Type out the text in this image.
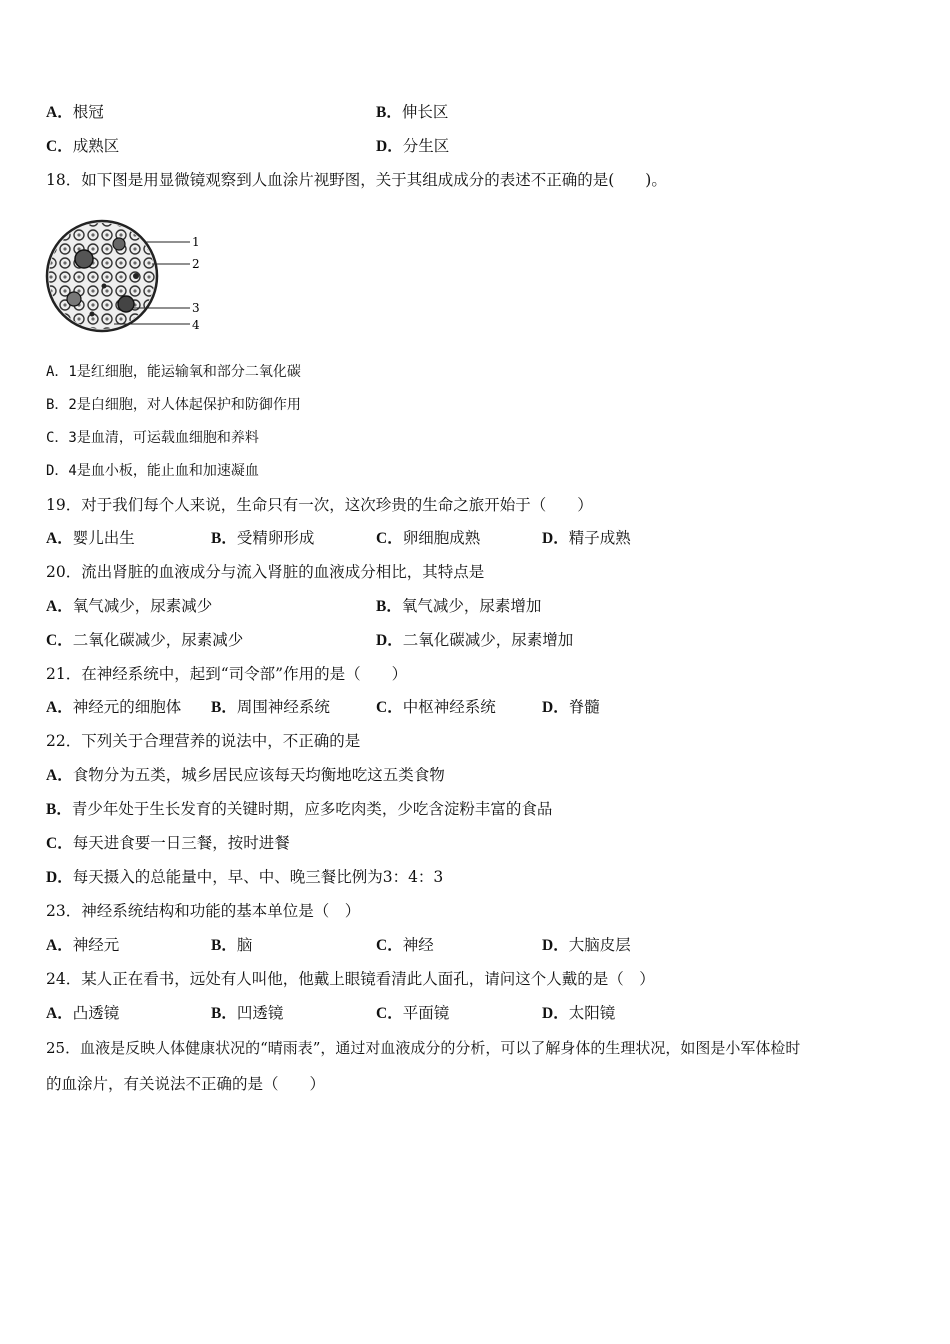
A．根冠	B．伸长区
C．成熟区	D．分生区
18．如下图是用显微镜观察到人血涂片视野图，关于其组成成分的表述不正确的是(　　)。
1
2
3
4
A．1是红细胞，能运输氧和部分二氧化碳
B．2是白细胞，对人体起保护和防御作用
C．3是血清，可运载血细胞和养料
D．4是血小板，能止血和加速凝血
19．对于我们每个人来说，生命只有一次，这次珍贵的生命之旅开始于（　　）
A．婴儿出生	B．受精卵形成	C．卵细胞成熟	D．精子成熟
20．流出肾脏的血液成分与流入肾脏的血液成分相比，其特点是
A．氧气减少，尿素减少	B．氧气减少，尿素增加
C．二氧化碳减少，尿素减少	D．二氧化碳减少，尿素增加
21．在神经系统中，起到“司令部”作用的是（　　）
A．神经元的细胞体 B．周围神经系统	C．中枢神经系统	D．脊髓
22．下列关于合理营养的说法中，不正确的是
A．食物分为五类，城乡居民应该每天均衡地吃这五类食物
B．青少年处于生长发育的关键时期，应多吃肉类，少吃含淀粉丰富的食品
C．每天进食要一日三餐，按时进餐
D．每天摄入的总能量中，早、中、晚三餐比例为3：4：3
23．神经系统结构和功能的基本单位是（　）
A．神经元	B．脑	C．神经	D．大脑皮层
24．某人正在看书，远处有人叫他，他戴上眼镜看清此人面孔，请问这个人戴的是（　）
A．凸透镜	B．凹透镜	C．平面镜	D．太阳镜
25．血液是反映人体健康状况的“晴雨表”，通过对血液成分的分析，可以了解身体的生理状况，如图是小军体检时
的血涂片，有关说法不正确的是（　　）
